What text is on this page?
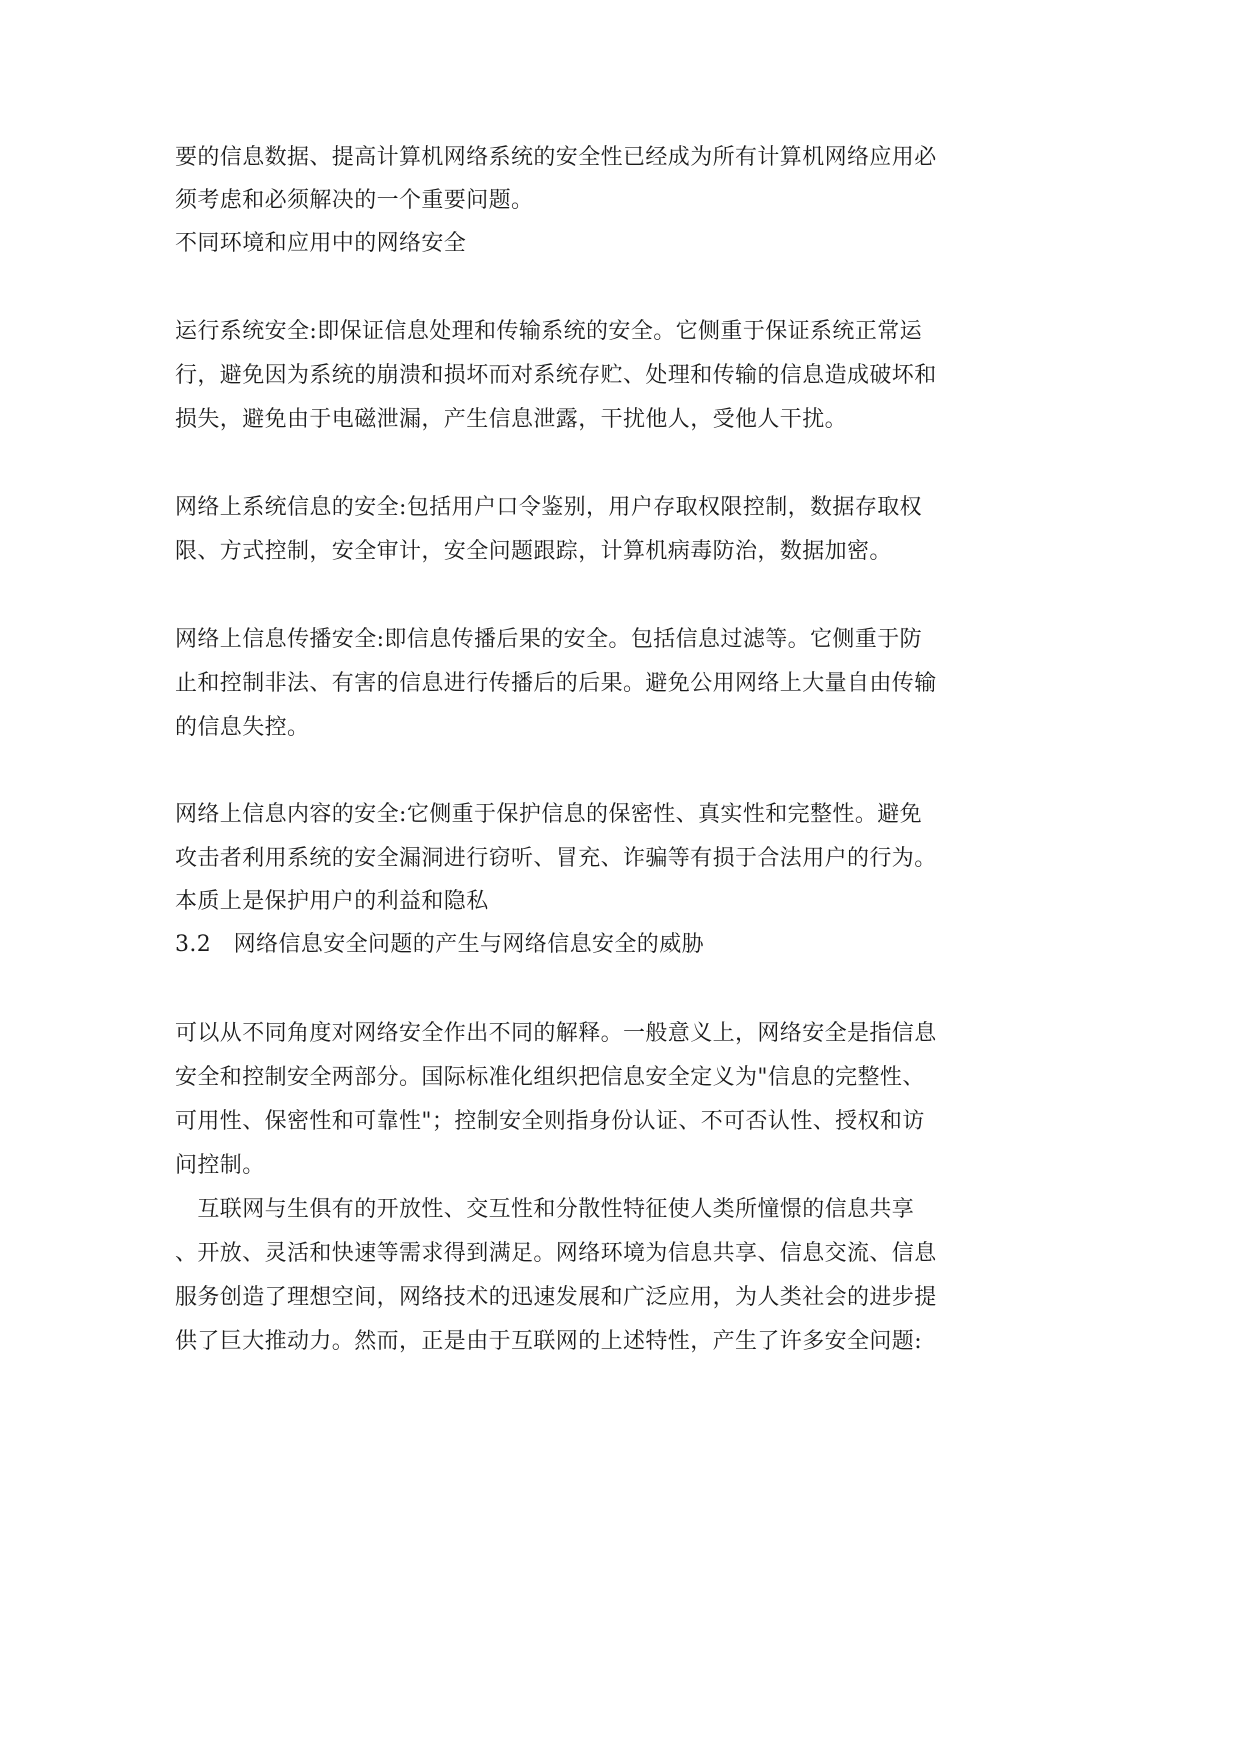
要的信息数据、提高计算机网络系统的安全性已经成为所有计算机网络应用必

须考虑和必须解决的一个重要问题。

不同环境和应用中的网络安全

运行系统安全:即保证信息处理和传输系统的安全。它侧重于保证系统正常运

行，避免因为系统的崩溃和损坏而对系统存贮、处理和传输的信息造成破坏和

损失，避免由于电磁泄漏，产生信息泄露，干扰他人，受他人干扰。

网络上系统信息的安全:包括用户口令鉴别，用户存取权限控制，数据存取权

限、方式控制，安全审计，安全问题跟踪，计算机病毒防治，数据加密。

网络上信息传播安全:即信息传播后果的安全。包括信息过滤等。它侧重于防

止和控制非法、有害的信息进行传播后的后果。避免公用网络上大量自由传输

的信息失控。

网络上信息内容的安全:它侧重于保护信息的保密性、真实性和完整性。避免

攻击者利用系统的安全漏洞进行窃听、冒充、诈骗等有损于合法用户的行为。

本质上是保护用户的利益和隐私

3.2　网络信息安全问题的产生与网络信息安全的威胁

可以从不同角度对网络安全作出不同的解释。一般意义上，网络安全是指信息

安全和控制安全两部分。国际标准化组织把信息安全定义为"信息的完整性、

可用性、保密性和可靠性"；控制安全则指身份认证、不可否认性、授权和访

问控制。

　互联网与生俱有的开放性、交互性和分散性特征使人类所憧憬的信息共享

、开放、灵活和快速等需求得到满足。网络环境为信息共享、信息交流、信息

服务创造了理想空间，网络技术的迅速发展和广泛应用，为人类社会的进步提

供了巨大推动力。然而，正是由于互联网的上述特性，产生了许多安全问题:
